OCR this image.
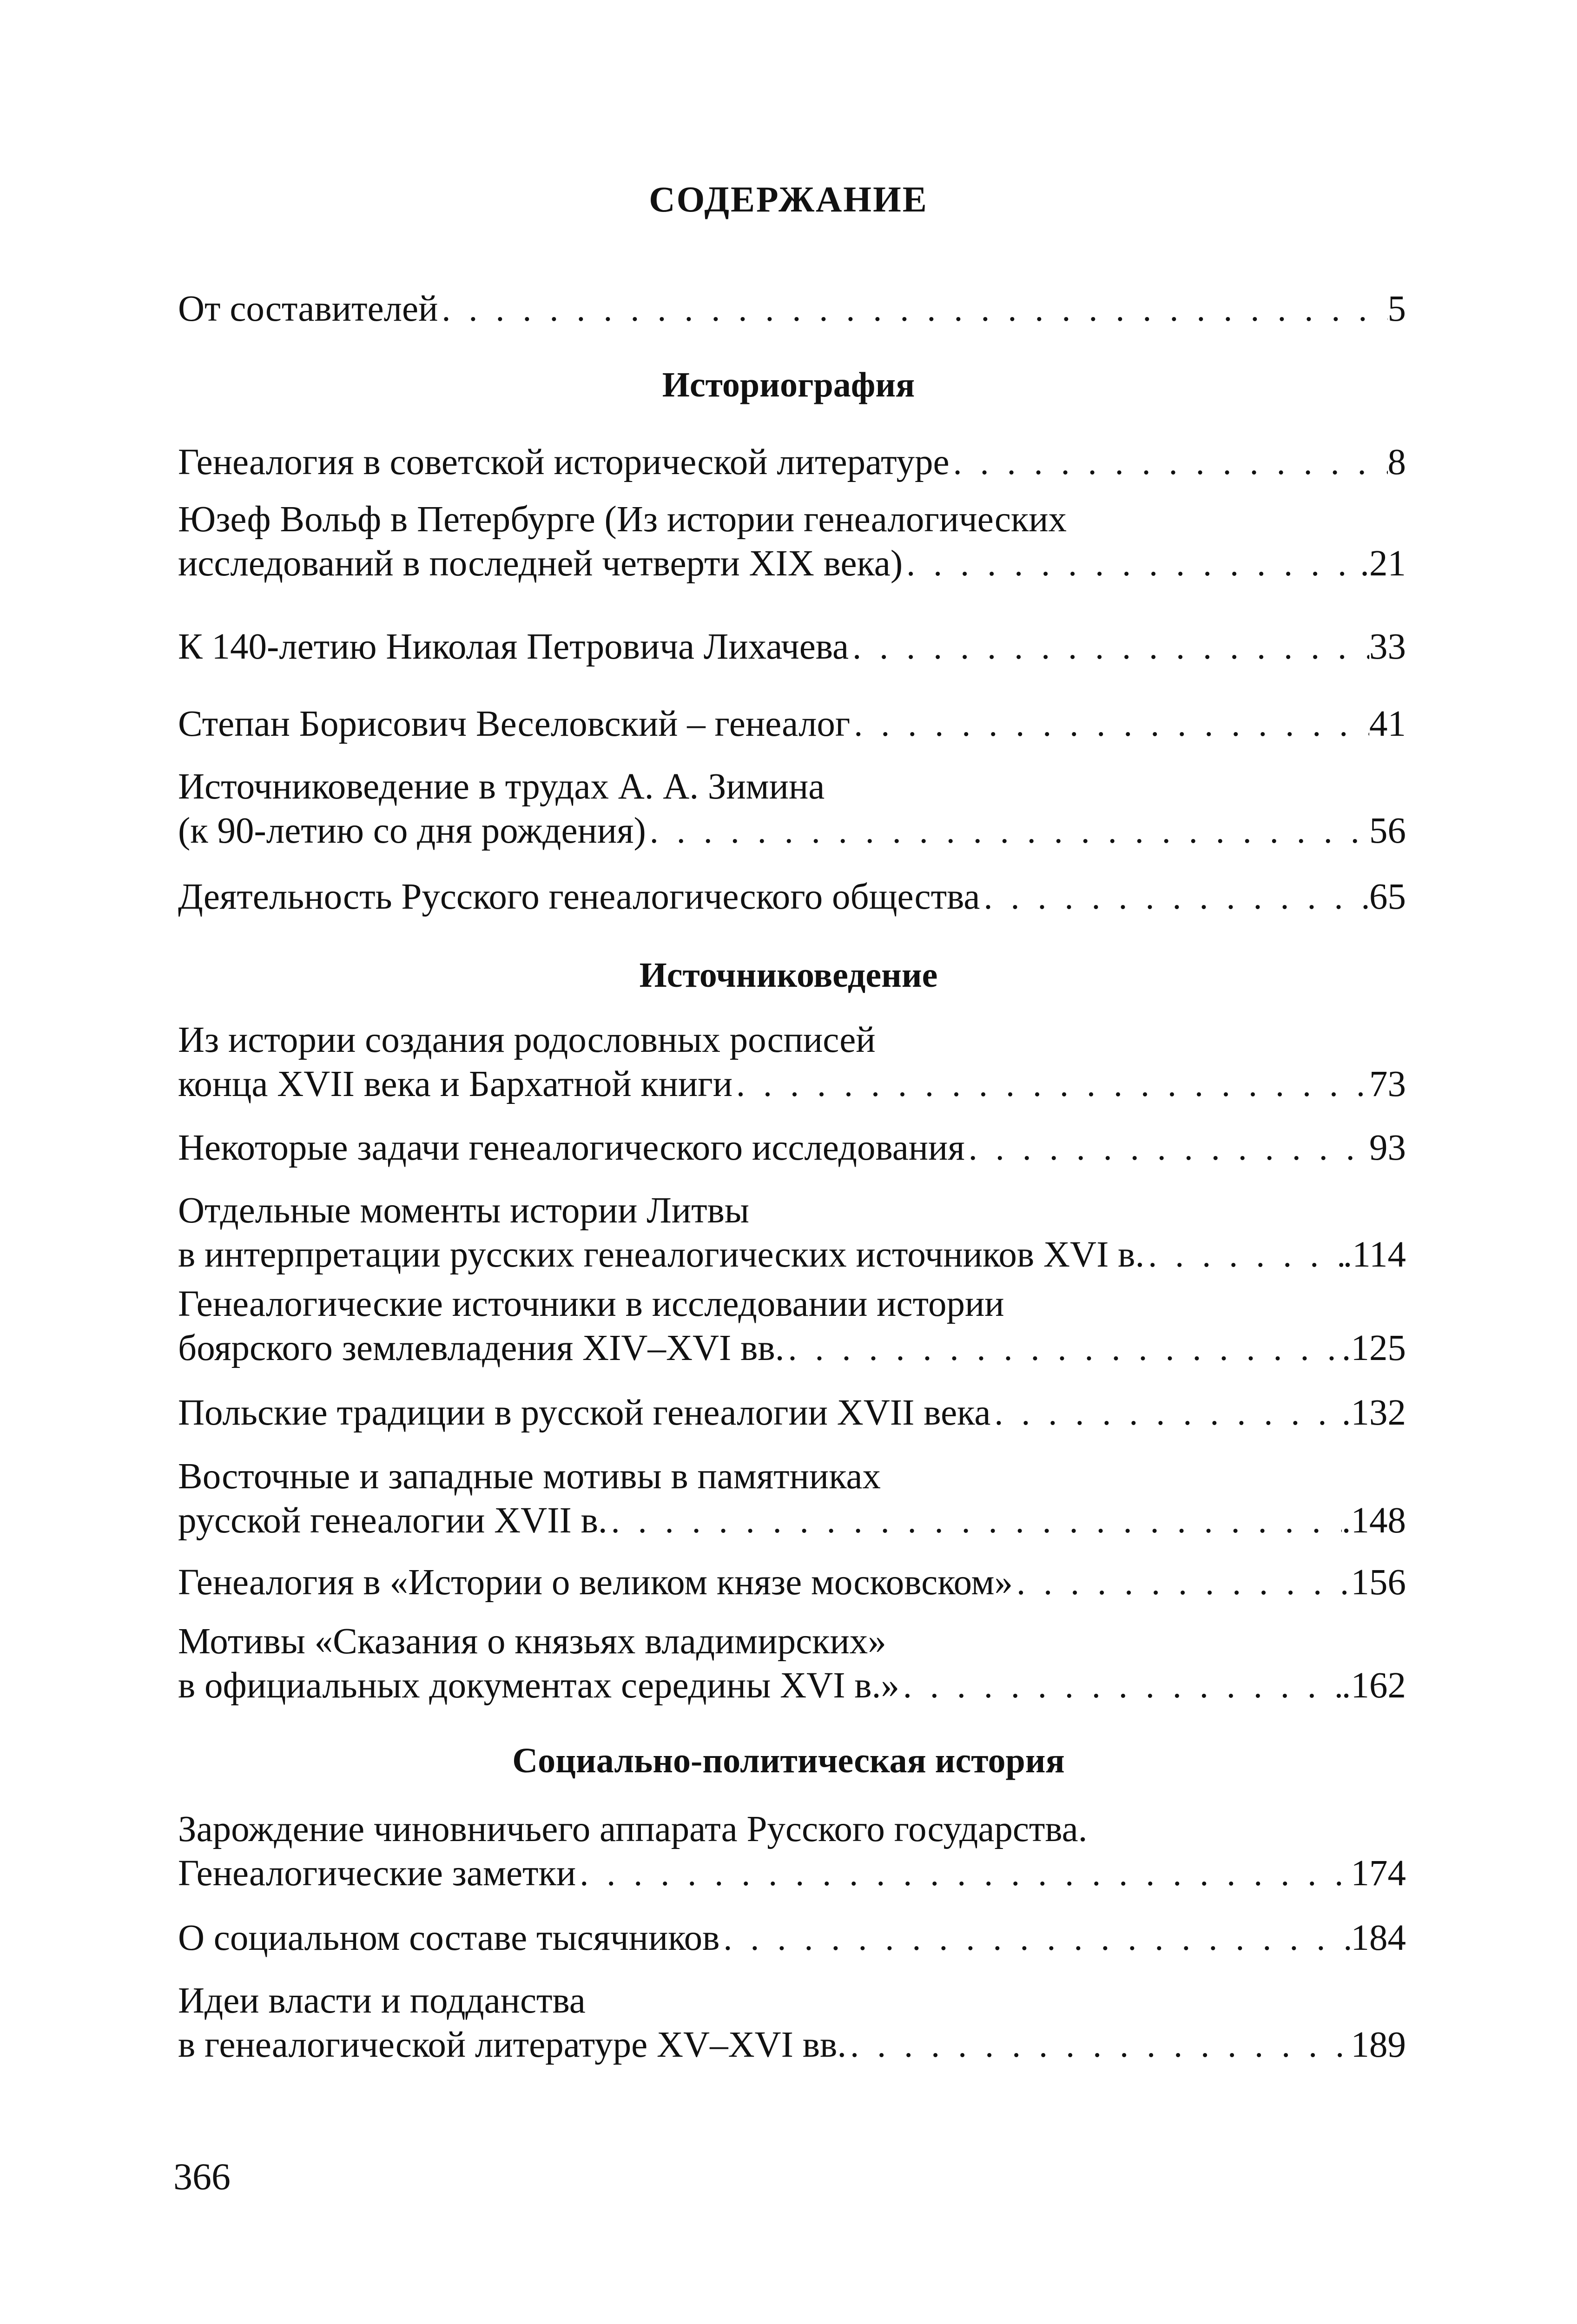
СОДЕРЖАНИЕ
От составителей . . .	5
Историография
Генеалогия в советской исторической литературе . . .	8
Юзеф Вольф в Петербурге (Из истории генеалогических
исследований в последней четверти XIX века) . . .	.21
К 140-летию Николая Петровича Лихачева . . .	33
Степан Борисович Веселовский – генеалог . . .	41
Источниковедение в трудах А. А. Зимина
(к 90-летию со дня рождения) . . .	56
Деятельность Русского генеалогического общества . . .	65
Источниковедение
Из истории создания родословных росписей
конца XVII века и Бархатной книги . . .	73
Некоторые задачи генеалогического исследования . . .	93
Отдельные моменты истории Литвы
в интерпретации русских генеалогических источников XVI в. . . .	.114
Генеалогические источники в исследовании истории
боярского землевладения XIV–XVI вв. . . .	.125
Польские традиции в русской генеалогии XVII века . . .	.132
Восточные и западные мотивы в памятниках
русской генеалогии XVII в. . . .	.148
Генеалогия в «Истории о великом князе московском» . . .	156
Мотивы «Сказания о князьях владимирских»
в официальных документах середины XVI в.» . . .	.162
Социально-политическая история
Зарождение чиновничьего аппарата Русского государства.
Генеалогические заметки . . .	174
О социальном составе тысячников . . .	184
Идеи власти и подданства
в генеалогической литературе XV–XVI вв. . . .	189
366
